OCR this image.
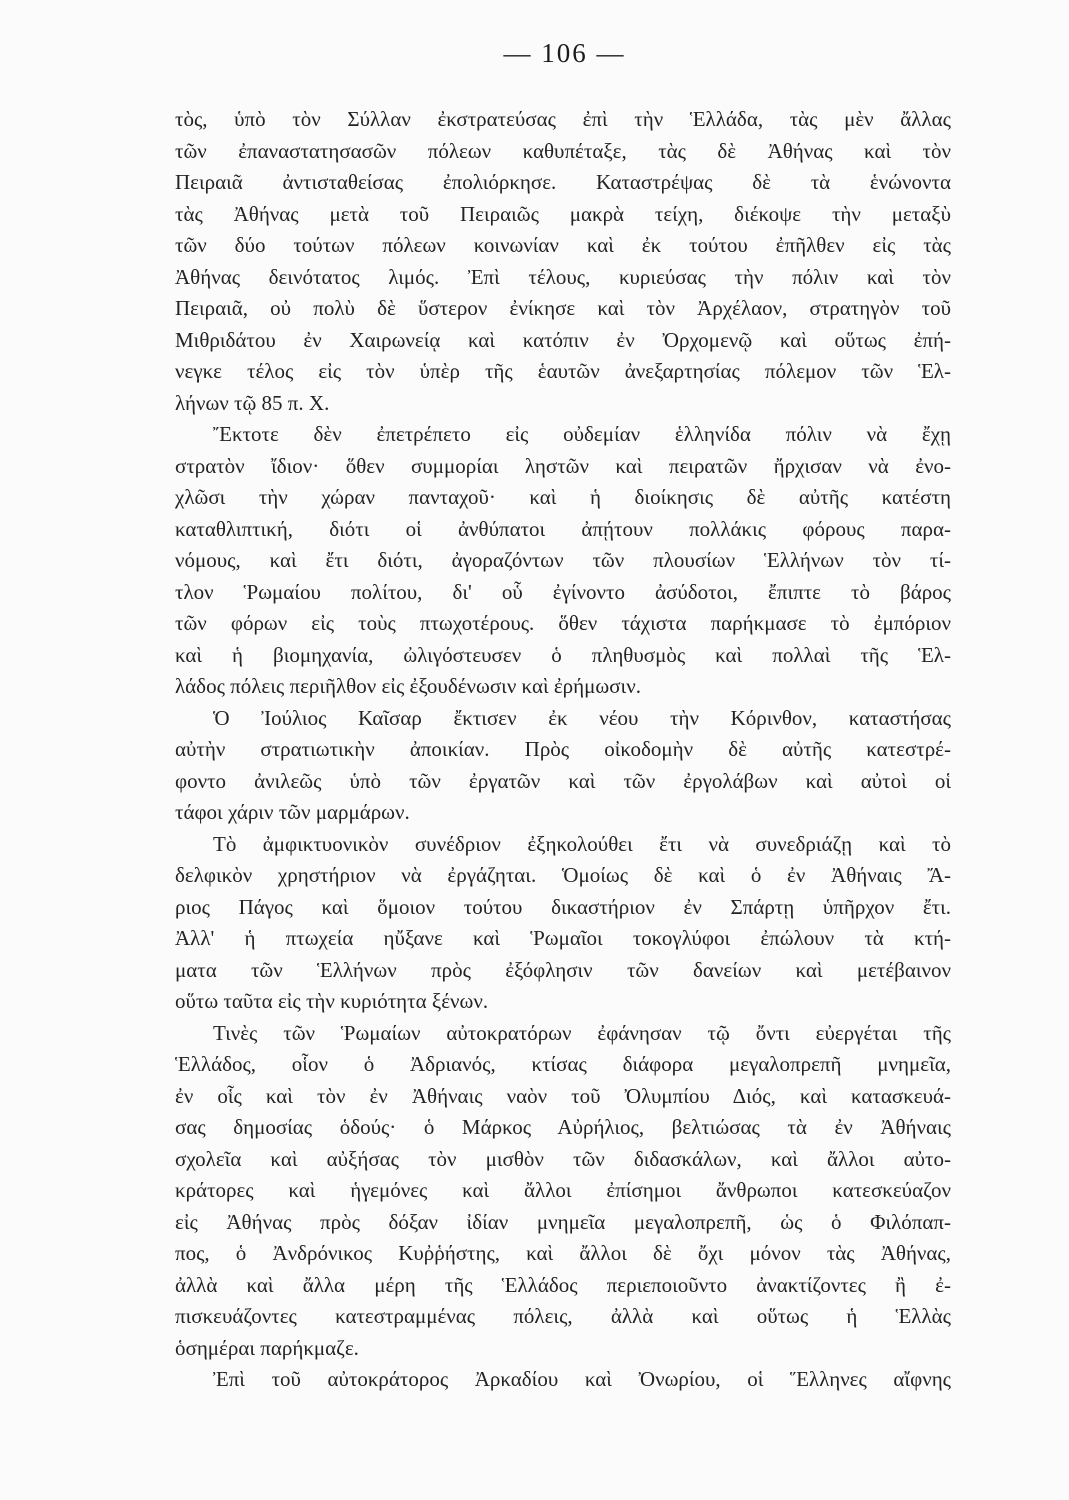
— 106 —
τὸς, ὑπὸ τὸν Σύλλαν ἐκστρατεύσας ἐπὶ τὴν Ἑλλάδα, τὰς μὲν ἄλλας
τῶν ἐπαναστατησασῶν πόλεων καθυπέταξε, τὰς δὲ Ἀθήνας καὶ τὸν
Πειραιᾶ ἀντισταθείσας ἐπολιόρκησε. Καταστρέψας δὲ τὰ ἑνώνοντα
τὰς Ἀθήνας μετὰ τοῦ Πειραιῶς μακρὰ τείχη, διέκοψε τὴν μεταξὺ
τῶν δύο τούτων πόλεων κοινωνίαν καὶ ἐκ τούτου ἐπῆλθεν εἰς τὰς
Ἀθήνας δεινότατος λιμός. Ἐπὶ τέλους, κυριεύσας τὴν πόλιν καὶ τὸν
Πειραιᾶ, οὐ πολὺ δὲ ὕστερον ἐνίκησε καὶ τὸν Ἀρχέλαον, στρατηγὸν τοῦ
Μιθριδάτου ἐν Χαιρωνείᾳ καὶ κατόπιν ἐν Ὀρχομενῷ καὶ οὕτως ἐπή-
νεγκε τέλος εἰς τὸν ὑπὲρ τῆς ἑαυτῶν ἀνεξαρτησίας πόλεμον τῶν Ἑλ-
λήνων τῷ 85 π. Χ.
Ἔκτοτε δὲν ἐπετρέπετο εἰς οὐδεμίαν ἑλληνίδα πόλιν νὰ ἔχῃ
στρατὸν ἴδιον· ὅθεν συμμορίαι ληστῶν καὶ πειρατῶν ἤρχισαν νὰ ἐνο-
χλῶσι τὴν χώραν πανταχοῦ· καὶ ἡ διοίκησις δὲ αὐτῆς κατέστη
καταθλιπτική, διότι οἱ ἀνθύπατοι ἀπῄτουν πολλάκις φόρους παρα-
νόμους, καὶ ἔτι διότι, ἀγοραζόντων τῶν πλουσίων Ἑλλήνων τὸν τί-
τλον Ῥωμαίου πολίτου, δι' οὗ ἐγίνοντο ἀσύδοτοι, ἔπιπτε τὸ βάρος
τῶν φόρων εἰς τοὺς πτωχοτέρους. ὅθεν τάχιστα παρήκμασε τὸ ἐμπόριον
καὶ ἡ βιομηχανία, ὠλιγόστευσεν ὁ πληθυσμὸς καὶ πολλαὶ τῆς Ἑλ-
λάδος πόλεις περιῆλθον εἰς ἐξουδένωσιν καὶ ἐρήμωσιν.
Ὁ Ἰούλιος Καῖσαρ ἔκτισεν ἐκ νέου τὴν Κόρινθον, καταστήσας
αὐτὴν στρατιωτικὴν ἀποικίαν. Πρὸς οἰκοδομὴν δὲ αὐτῆς κατεστρέ-
φοντο ἀνιλεῶς ὑπὸ τῶν ἐργατῶν καὶ τῶν ἐργολάβων καὶ αὐτοὶ οἱ
τάφοι χάριν τῶν μαρμάρων.
Τὸ ἀμφικτυονικὸν συνέδριον ἐξηκολούθει ἔτι νὰ συνεδριάζῃ καὶ τὸ
δελφικὸν χρηστήριον νὰ ἐργάζηται. Ὁμοίως δὲ καὶ ὁ ἐν Ἀθήναις Ἄ-
ριος Πάγος καὶ ὅμοιον τούτου δικαστήριον ἐν Σπάρτῃ ὑπῆρχον ἔτι.
Ἀλλ' ἡ πτωχεία ηὔξανε καὶ Ῥωμαῖοι τοκογλύφοι ἐπώλουν τὰ κτή-
ματα τῶν Ἑλλήνων πρὸς ἐξόφλησιν τῶν δανείων καὶ μετέβαινον
οὕτω ταῦτα εἰς τὴν κυριότητα ξένων.
Τινὲς τῶν Ῥωμαίων αὐτοκρατόρων ἐφάνησαν τῷ ὄντι εὐεργέται τῆς
Ἑλλάδος, οἷον ὁ Ἀδριανός, κτίσας διάφορα μεγαλοπρεπῆ μνημεῖα,
ἐν οἷς καὶ τὸν ἐν Ἀθήναις ναὸν τοῦ Ὀλυμπίου Διός, καὶ κατασκευά-
σας δημοσίας ὁδούς· ὁ Μάρκος Αὐρήλιος, βελτιώσας τὰ ἐν Ἀθήναις
σχολεῖα καὶ αὐξήσας τὸν μισθὸν τῶν διδασκάλων, καὶ ἄλλοι αὐτο-
κράτορες καὶ ἡγεμόνες καὶ ἄλλοι ἐπίσημοι ἄνθρωποι κατεσκεύαζον
εἰς Ἀθήνας πρὸς δόξαν ἰδίαν μνημεῖα μεγαλοπρεπῆ, ὡς ὁ Φιλόπαπ-
πος, ὁ Ἀνδρόνικος Κυῤῥήστης, καὶ ἄλλοι δὲ ὄχι μόνον τὰς Ἀθήνας,
ἀλλὰ καὶ ἄλλα μέρη τῆς Ἑλλάδος περιεποιοῦντο ἀνακτίζοντες ἢ ἐ-
πισκευάζοντες κατεστραμμένας πόλεις, ἀλλὰ καὶ οὕτως ἡ Ἑλλὰς
ὁσημέραι παρήκμαζε.
Ἐπὶ τοῦ αὐτοκράτορος Ἀρκαδίου καὶ Ὀνωρίου, οἱ Ἕλληνες αἴφνης
